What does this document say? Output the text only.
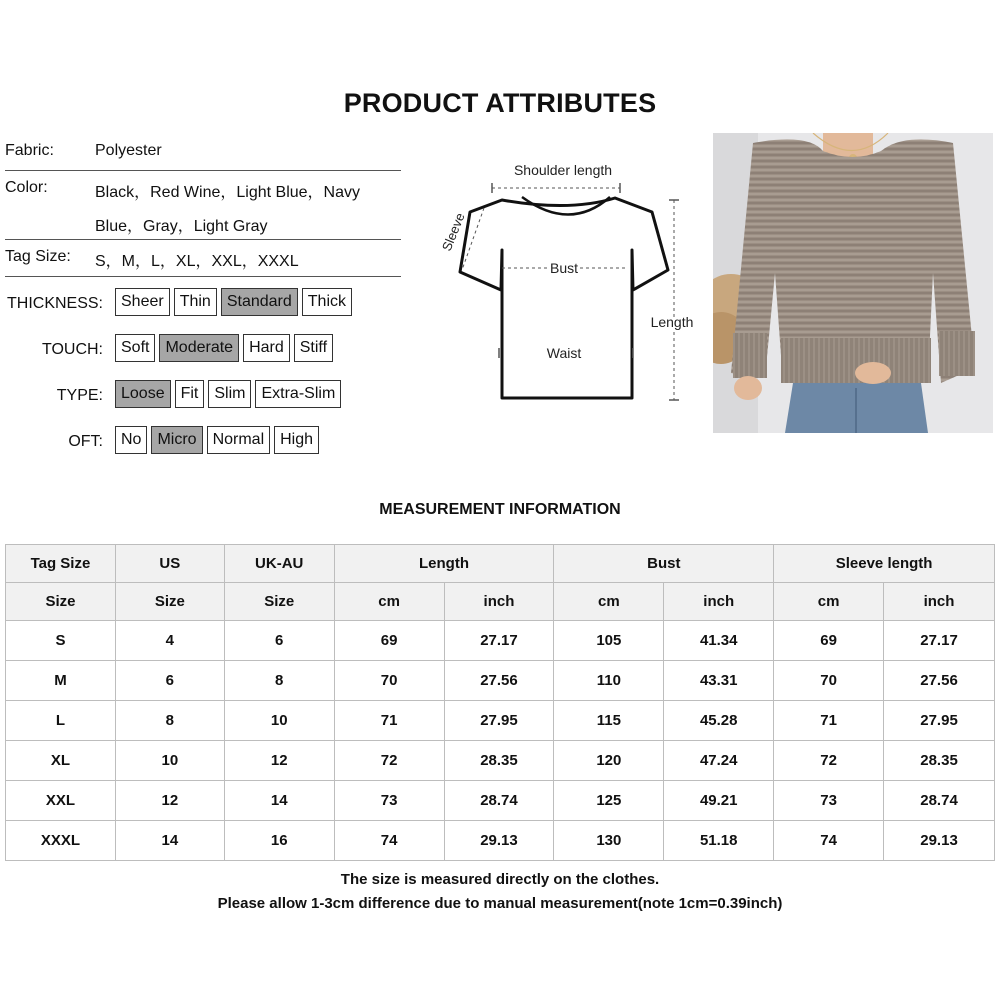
PRODUCT ATTRIBUTES
Fabric:	Polyester
Color:	Black，Red Wine，Light Blue，Navy
Blue，Gray，Light Gray
Tag Size: S，M，L，XL，XXL，XXXL
THICKNESS:	Sheer	Thin	Standard	Thick
TOUCH:	Soft	Moderate	Hard	Stiff
TYPE:	Loose	Fit	Slim	Extra-Slim
OFT:	No	Micro	Normal	High
Shoulder length
Bust
Waist
Length
Sleeve
MEASUREMENT INFORMATION
Tag Size	US	UK-AU	Length		Bust		Sleeve length	
Size	Size	Size	cm	inch	cm	inch	cm	inch
S	4	6	69	27.17	105	41.34	69	27.17
M	6	8	70	27.56	110	43.31	70	27.56
L	8	10	71	27.95	115	45.28	71	27.95
XL	10	12	72	28.35	120	47.24	72	28.35
XXL	12	14	73	28.74	125	49.21	73	28.74
XXXL	14	16	74	29.13	130	51.18	74	29.13
The size is measured directly on the clothes.
Please allow 1-3cm difference due to manual measurement(note 1cm=0.39inch)
